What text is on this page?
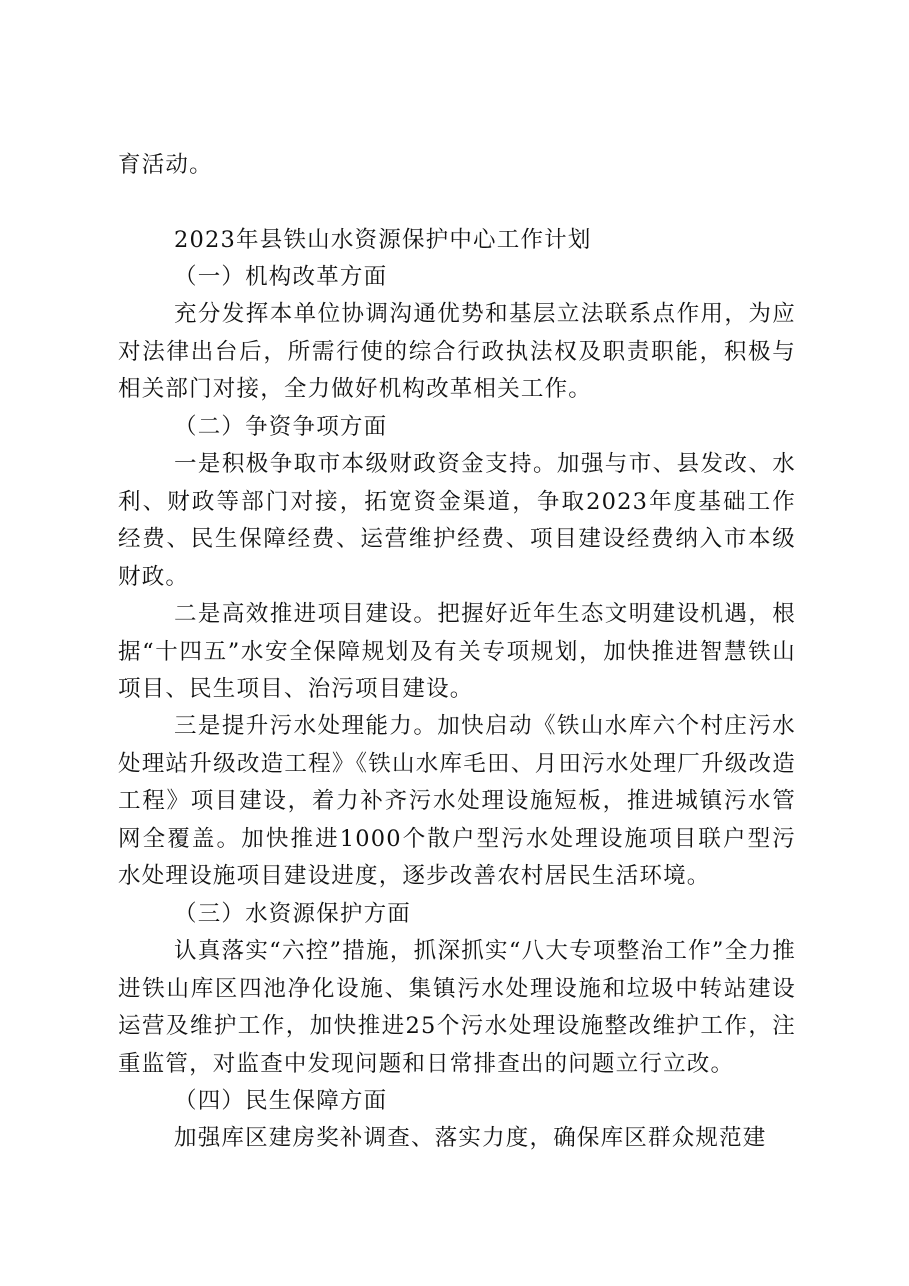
育活动。

2023年县铁山水资源保护中心工作计划

（一）机构改革方面

充分发挥本单位协调沟通优势和基层立法联系点作用，为应对法律出台后，所需行使的综合行政执法权及职责职能，积极与相关部门对接，全力做好机构改革相关工作。

（二）争资争项方面

一是积极争取市本级财政资金支持。加强与市、县发改、水利、财政等部门对接，拓宽资金渠道，争取2023年度基础工作经费、民生保障经费、运营维护经费、项目建设经费纳入市本级财政。

二是高效推进项目建设。把握好近年生态文明建设机遇，根据“十四五”水安全保障规划及有关专项规划，加快推进智慧铁山项目、民生项目、治污项目建设。

三是提升污水处理能力。加快启动《铁山水库六个村庄污水处理站升级改造工程》《铁山水库毛田、月田污水处理厂升级改造工程》项目建设，着力补齐污水处理设施短板，推进城镇污水管网全覆盖。加快推进1000个散户型污水处理设施项目联户型污水处理设施项目建设进度，逐步改善农村居民生活环境。

（三）水资源保护方面

认真落实“六控”措施，抓深抓实“八大专项整治工作”全力推进铁山库区四池净化设施、集镇污水处理设施和垃圾中转站建设运营及维护工作，加快推进25个污水处理设施整改维护工作，注重监管，对监查中发现问题和日常排查出的问题立行立改。

（四）民生保障方面

加强库区建房奖补调查、落实力度，确保库区群众规范建
